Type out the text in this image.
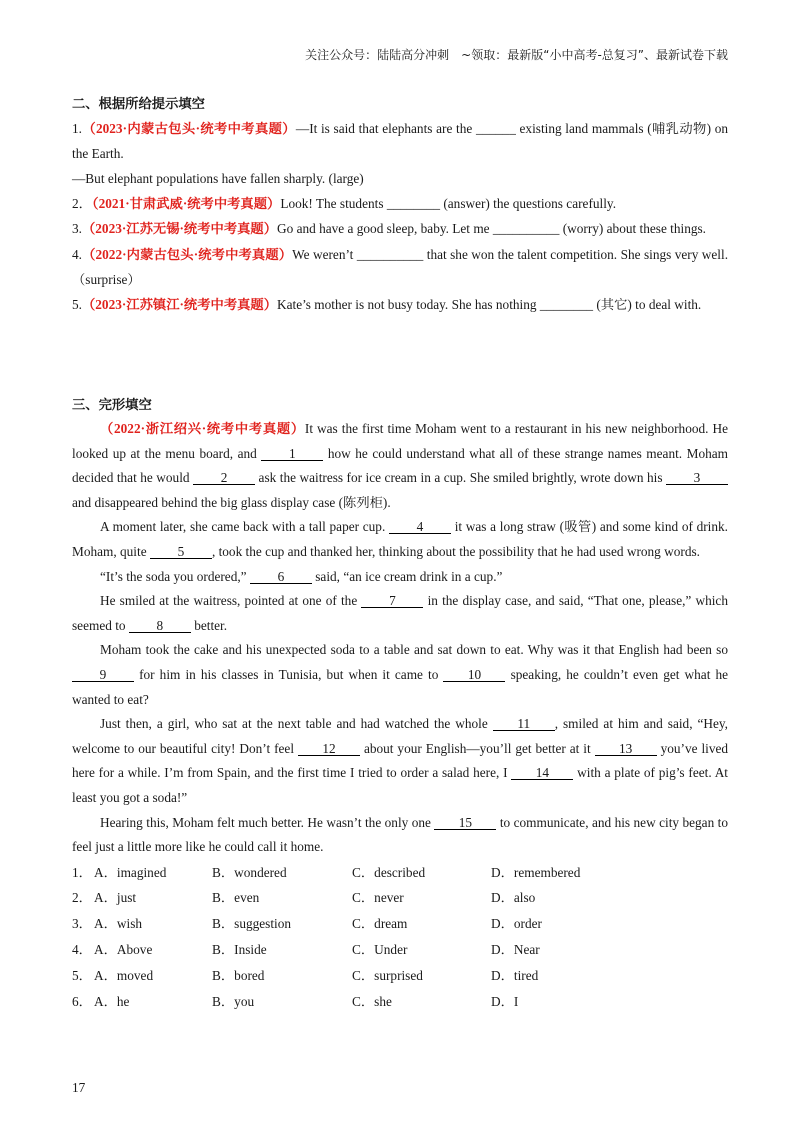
关注公众号：陆陆高分冲刺　~领取：最新版“小中高考-总复习”、最新试卷下载
二、根据所给提示填空
1.（2023·内蒙古包头·统考中考真题）—It is said that elephants are the ______ existing land mammals (哺乳动物) on the Earth.
—But elephant populations have fallen sharply. (large)
2．（2021·甘肃武威·统考中考真题）Look! The students ________ (answer) the questions carefully.
3.（2023·江苏无锡·统考中考真题）Go and have a good sleep, baby. Let me __________ (worry) about these things.
4.（2022·内蒙古包头·统考中考真题）We weren’t __________ that she won the talent competition. She sings very well. （surprise）
5.（2023·江苏镇江·统考中考真题）Kate’s mother is not busy today. She has nothing ________ (其它) to deal with.
三、完形填空

（2022·浙江绍兴·统考中考真题）It was the first time Moham went to a restaurant in his new neighborhood. He looked up at the menu board, and 1 how he could understand what all of these strange names meant. Moham decided that he would 2 ask the waitress for ice cream in a cup. She smiled brightly, wrote down his 3 and disappeared behind the big glass display case (陈列柜).

A moment later, she came back with a tall paper cup. 4 it was a long straw (吸管) and some kind of drink. Moham, quite 5 , took the cup and thanked her, thinking about the possibility that he had used wrong words.

“It’s the soda you ordered,” 6 said, “an ice cream drink in a cup.”

He smiled at the waitress, pointed at one of the 7 in the display case, and said, “That one, please,” which seemed to 8 better.

Moham took the cake and his unexpected soda to a table and sat down to eat. Why was it that English had been so 9 for him in his classes in Tunisia, but when it came to 10 speaking, he couldn’t even get what he wanted to eat?

Just then, a girl, who sat at the next table and had watched the whole 11 , smiled at him and said, “Hey, welcome to our beautiful city! Don’t feel 12 about your English—you’ll get better at it 13 you’ve lived here for a while. I’m from Spain, and the first time I tried to order a salad here, I 14 with a plate of pig’s feet. At least you got a soda!”

Hearing this, Moham felt much better. He wasn’t the only one 15 to communicate, and his new city began to feel just a little more like he could call it home.

1． A．imagined	B．wondered	C．described	D．remembered
2． A．just	B．even	C．never	D．also
3． A．wish	B．suggestion	C．dream	D．order
4． A．Above	B．Inside	C．Under	D．Near
5． A．moved	B．bored	C．surprised	D．tired
6． A．he	B．you	C．she	D．I
17
